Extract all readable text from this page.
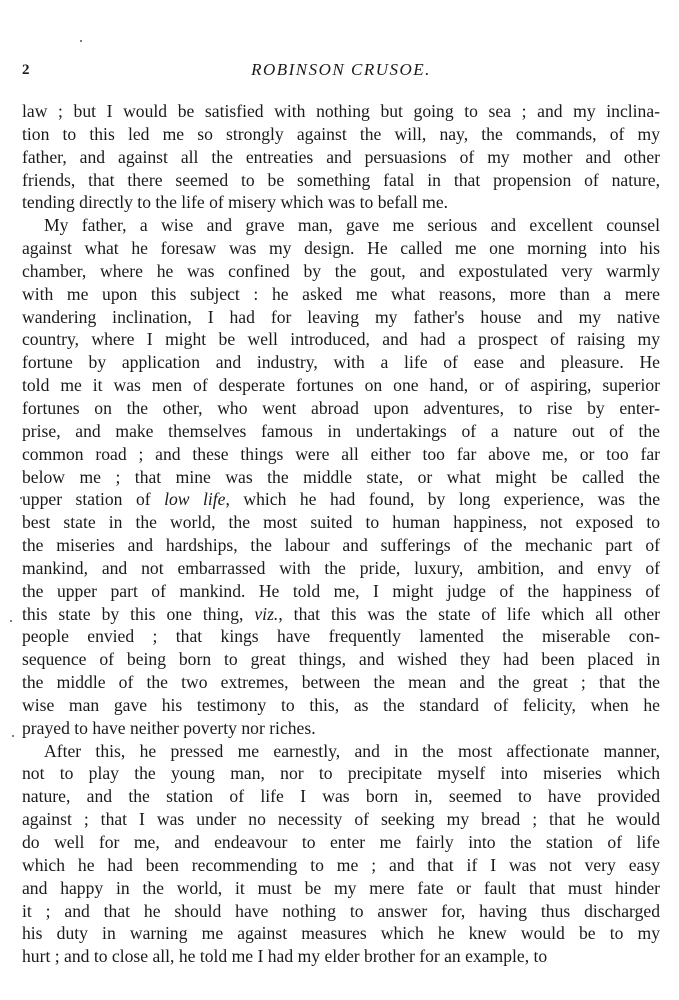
2	ROBINSON CRUSOE.
law ; but I would be satisfied with nothing but going to sea ; and my inclina-
tion to this led me so strongly against the will, nay, the commands, of my
father, and against all the entreaties and persuasions of my mother and other
friends, that there seemed to be something fatal in that propension of nature,
tending directly to the life of misery which was to befall me.
My father, a wise and grave man, gave me serious and excellent counsel
against what he foresaw was my design. He called me one morning into his
chamber, where he was confined by the gout, and expostulated very warmly
with me upon this subject : he asked me what reasons, more than a mere
wandering inclination, I had for leaving my father's house and my native
country, where I might be well introduced, and had a prospect of raising my
fortune by application and industry, with a life of ease and pleasure. He
told me it was men of desperate fortunes on one hand, or of aspiring, superior
fortunes on the other, who went abroad upon adventures, to rise by enter-
prise, and make themselves famous in undertakings of a nature out of the
common road ; and these things were all either too far above me, or too far
below me ; that mine was the middle state, or what might be called the
upper station of low life, which he had found, by long experience, was the
best state in the world, the most suited to human happiness, not exposed to
the miseries and hardships, the labour and sufferings of the mechanic part of
mankind, and not embarrassed with the pride, luxury, ambition, and envy of
the upper part of mankind. He told me, I might judge of the happiness of
this state by this one thing, viz., that this was the state of life which all other
people envied ; that kings have frequently lamented the miserable con-
sequence of being born to great things, and wished they had been placed in
the middle of the two extremes, between the mean and the great ; that the
wise man gave his testimony to this, as the standard of felicity, when he
prayed to have neither poverty nor riches.
After this, he pressed me earnestly, and in the most affectionate manner,
not to play the young man, nor to precipitate myself into miseries which
nature, and the station of life I was born in, seemed to have provided
against ; that I was under no necessity of seeking my bread ; that he would
do well for me, and endeavour to enter me fairly into the station of life
which he had been recommending to me ; and that if I was not very easy
and happy in the world, it must be my mere fate or fault that must hinder
it ; and that he should have nothing to answer for, having thus discharged
his duty in warning me against measures which he knew would be to my
hurt ; and to close all, he told me I had my elder brother for an example, to
